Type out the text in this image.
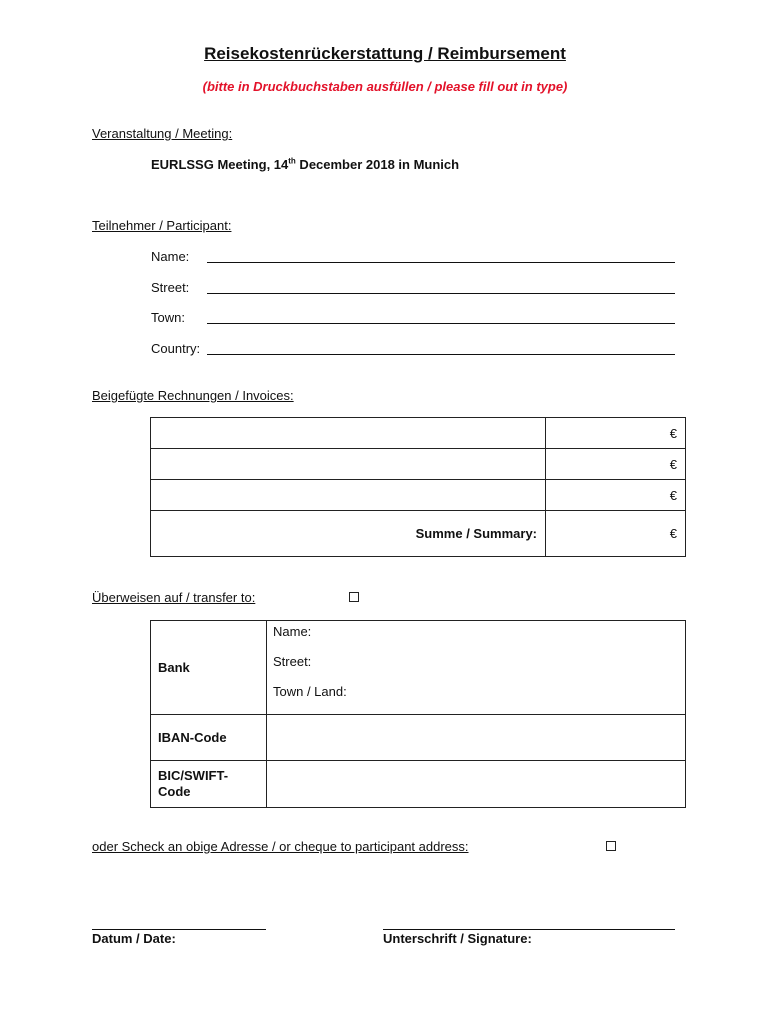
Reisekostenrückerstattung / Reimbursement
(bitte in Druckbuchstaben ausfüllen / please fill out in type)
Veranstaltung / Meeting:
EURLSSG Meeting, 14th December 2018 in Munich
Teilnehmer / Participant:
Name:
Street:
Town:
Country:
Beigefügte Rechnungen / Invoices:
	€
	€
	€
Summe / Summary:	€
Überweisen auf / transfer to:
Bank	Name:
Street:
Town / Land:

IBAN-Code	

BIC/SWIFT-
Code	

oder Scheck an obige Adresse / or cheque to participant address:
Datum / Date:	Unterschrift / Signature:
